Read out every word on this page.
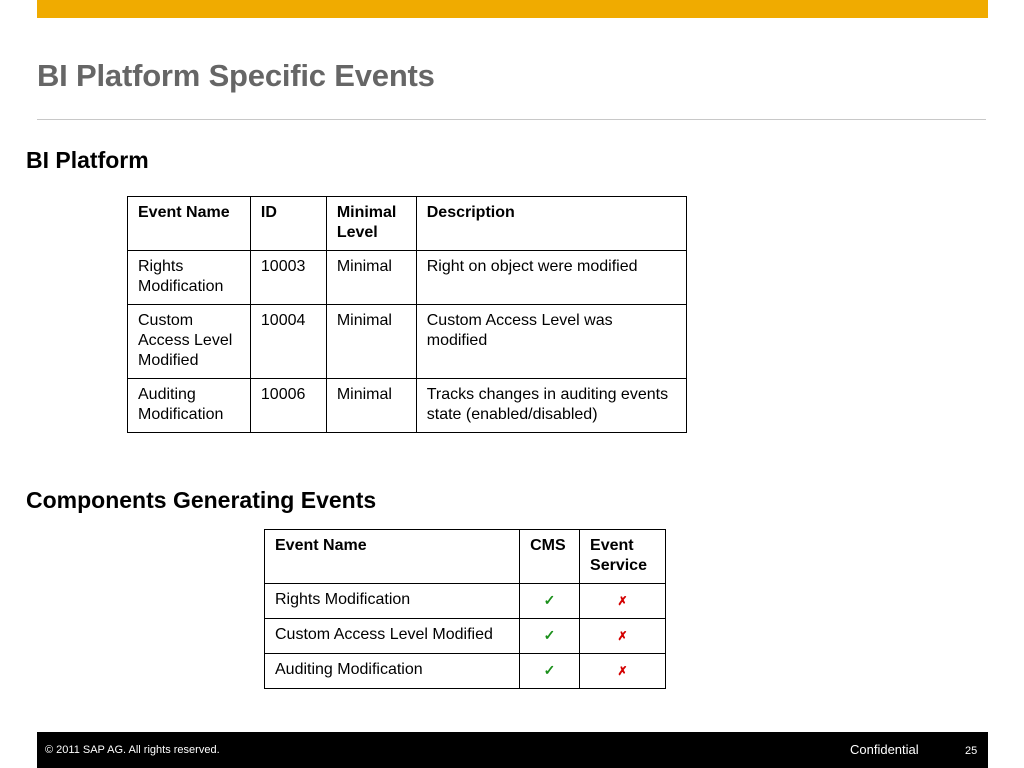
BI Platform Specific Events
BI Platform
Event Name	ID	Minimal Level	Description
Rights Modification	10003	Minimal	Right on object were modified
Custom Access Level Modified	10004	Minimal	Custom Access Level was modified
Auditing Modification	10006	Minimal	Tracks changes in auditing events state (enabled/disabled)
Components Generating Events
Event Name	CMS	Event Service
Rights Modification	✓	✗
Custom Access Level Modified	✓	✗
Auditing Modification	✓	✗
© 2011 SAP AG. All rights reserved.	Confidential	25
